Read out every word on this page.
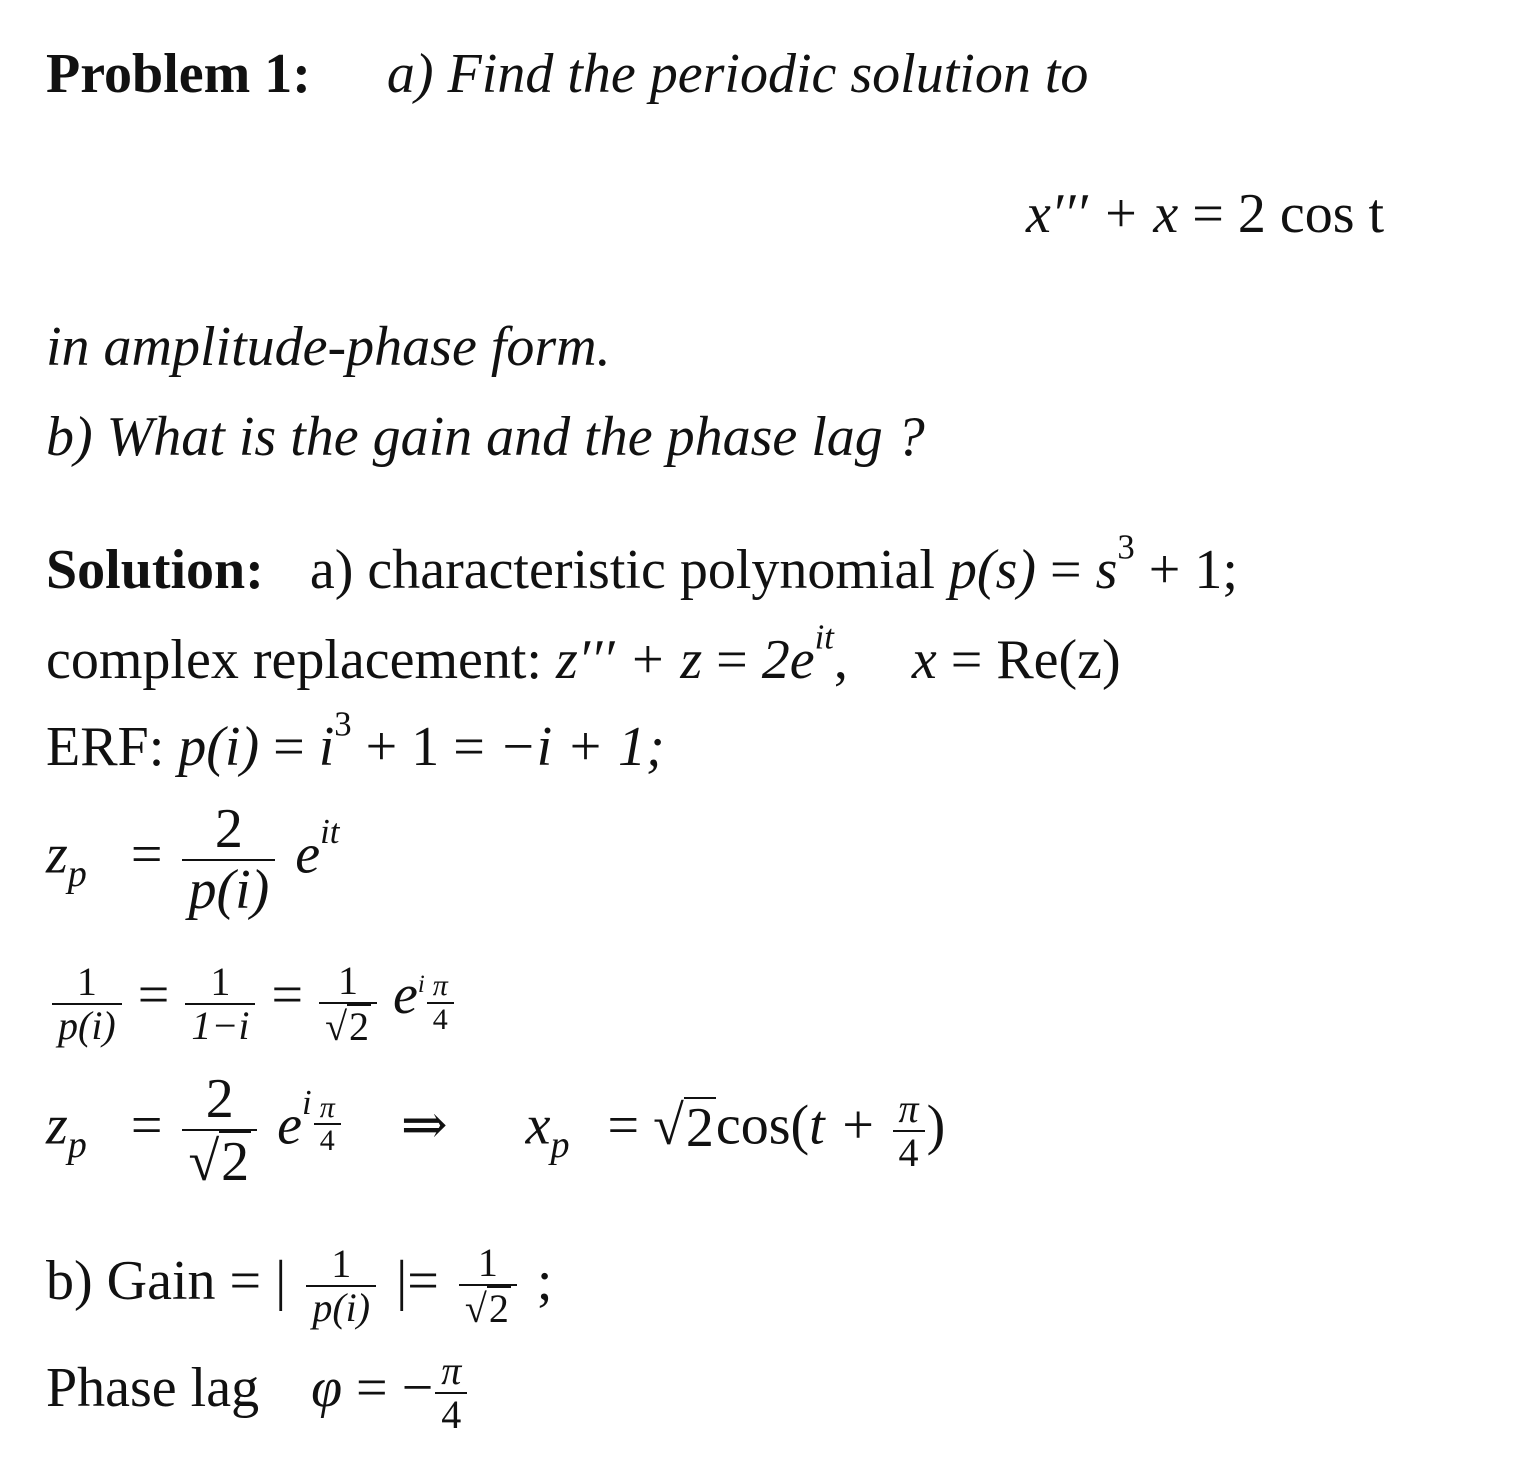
Problem 1: a) Find the periodic solution to
x′′′ + x = 2 cos t
in amplitude-phase form.
b) What is the gain and the phase lag ?
Solution: a) characteristic polynomial $p(s) = s^3 + 1$;
complex replacement: $z''' + z = 2e^{it}$, x = Re(z)
ERF: $p(i) = i^3 + 1 = -i + 1$;
$z_p = \frac{2}{p(i)} e^{it}$
$\frac{1}{p(i)} = \frac{1}{1-i} = \frac{1}{√ 2} e^i \frac{\pi}{4}$
$z_p = \frac{2}{√ 2} e^i \frac{\pi}{4}$ ⇒ $x_p$ = √ 2 $\cos(t + \frac{\pi}{4}$ )
b) Gain = | $\frac{1}{p(i)}$ |= $\frac{1}{√ 2}$ ;
Phase lag φ = − $\frac{\pi}{4}$
